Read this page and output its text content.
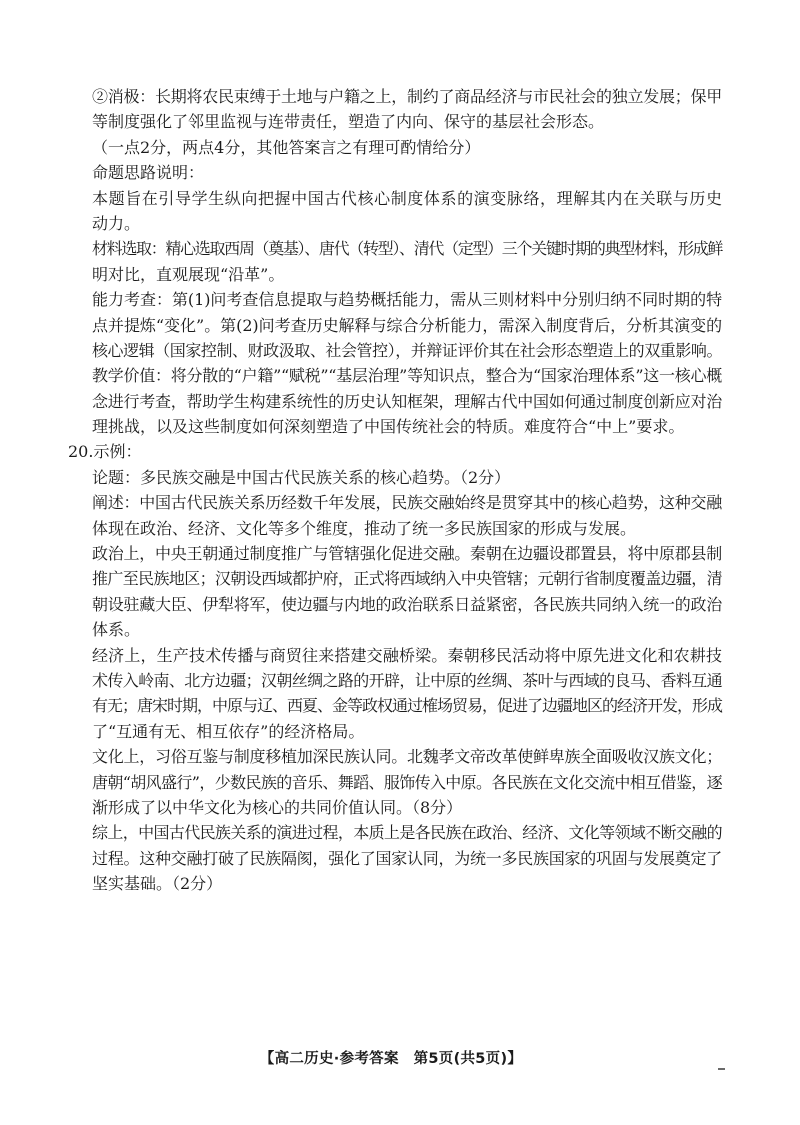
②消极：长期将农民束缚于土地与户籍之上，制约了商品经济与市民社会的独立发展；保甲
等制度强化了邻里监视与连带责任，塑造了内向、保守的基层社会形态。
（一点2分，两点4分，其他答案言之有理可酌情给分）
命题思路说明：
本题旨在引导学生纵向把握中国古代核心制度体系的演变脉络，理解其内在关联与历史
动力。
材料选取：精心选取西周（奠基）、唐代（转型）、清代（定型）三个关键时期的典型材料，形成鲜
明对比，直观展现“沿革”。
能力考查：第(1)问考查信息提取与趋势概括能力，需从三则材料中分别归纳不同时期的特
点并提炼“变化”。第(2)问考查历史解释与综合分析能力，需深入制度背后，分析其演变的
核心逻辑（国家控制、财政汲取、社会管控），并辩证评价其在社会形态塑造上的双重影响。
教学价值：将分散的“户籍”“赋税”“基层治理”等知识点，整合为“国家治理体系”这一核心概
念进行考查，帮助学生构建系统性的历史认知框架，理解古代中国如何通过制度创新应对治
理挑战，以及这些制度如何深刻塑造了中国传统社会的特质。难度符合“中上”要求。
20.示例：
论题：多民族交融是中国古代民族关系的核心趋势。（2分）
阐述：中国古代民族关系历经数千年发展，民族交融始终是贯穿其中的核心趋势，这种交融
体现在政治、经济、文化等多个维度，推动了统一多民族国家的形成与发展。
政治上，中央王朝通过制度推广与管辖强化促进交融。秦朝在边疆设郡置县，将中原郡县制
推广至民族地区；汉朝设西域都护府，正式将西域纳入中央管辖；元朝行省制度覆盖边疆，清
朝设驻藏大臣、伊犁将军，使边疆与内地的政治联系日益紧密，各民族共同纳入统一的政治
体系。
经济上，生产技术传播与商贸往来搭建交融桥梁。秦朝移民活动将中原先进文化和农耕技
术传入岭南、北方边疆；汉朝丝绸之路的开辟，让中原的丝绸、茶叶与西域的良马、香料互通
有无；唐宋时期，中原与辽、西夏、金等政权通过榷场贸易，促进了边疆地区的经济开发，形成
了“互通有无、相互依存”的经济格局。
文化上，习俗互鉴与制度移植加深民族认同。北魏孝文帝改革使鲜卑族全面吸收汉族文化；
唐朝“胡风盛行”，少数民族的音乐、舞蹈、服饰传入中原。各民族在文化交流中相互借鉴，逐
渐形成了以中华文化为核心的共同价值认同。（8分）
综上，中国古代民族关系的演进过程，本质上是各民族在政治、经济、文化等领域不断交融的
过程。这种交融打破了民族隔阂，强化了国家认同，为统一多民族国家的巩固与发展奠定了
坚实基础。（2分）
【高二历史·参考答案　第5页(共5页)】
